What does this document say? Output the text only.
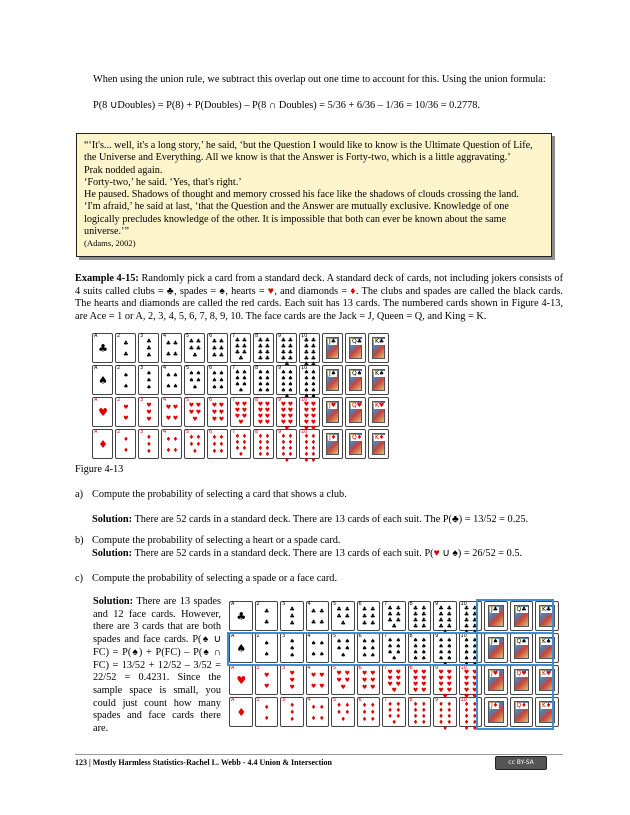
When using the union rule, we subtract this overlap out one time to account for this. Using the union formula:
P(8 ∪Doubles) = P(8) + P(Doubles) – P(8 ∩ Doubles) = 5/36 + 6/36 – 1/36 = 10/36 = 0.2778.
“‘It's... well, it's a long story,’ he said, ‘but the Question I would like to know is the Ultimate Question of Life,
the Universe and Everything. All we know is that the Answer is Forty-two, which is a little aggravating.’
Prak nodded again.
‘Forty-two,’ he said. ‘Yes, that's right.’
He paused. Shadows of thought and memory crossed his face like the shadows of clouds crossing the land.
‘I'm afraid,’ he said at last, ‘that the Question and the Answer are mutually exclusive. Knowledge of one
logically precludes knowledge of the other. It is impossible that both can ever be known about the same
universe.’”
(Adams, 2002)
Example 4-15: Randomly pick a card from a standard deck. A standard deck of cards, not including jokers consists of 4 suits called clubs = ♣, spades = ♠, hearts = ♥, and diamonds = ♦. The clubs and spades are called the black cards. The hearts and diamonds are called the red cards. Each suit has 13 cards. The numbered cards shown in Figure 4-13, are Ace = 1 or A, 2, 3, 4, 5, 6, 7, 8, 9, 10. The face cards are the Jack = J, Queen = Q, and King = K.
A
♣
2
♣
♣
3
♣
♣
♣
4
♣ ♣
♣ ♣
5
♣ ♣
♣ ♣
♣
6
♣ ♣
♣ ♣
♣ ♣
7
♣ ♣
♣ ♣
♣ ♣
♣
8
♣ ♣
♣ ♣
♣ ♣
♣ ♣
9
♣ ♣
♣ ♣
♣ ♣
♣ ♣
10
♣ ♣
♣ ♣
♣ ♣
♣ ♣
J♣	Q♣ K♣
A
♠
2
♠
♠
3
♠
♠
♠
4
♠ ♠
♠ ♠
5
♠ ♠
♠ ♠
♠
6
♠ ♠
♠ ♠
♠ ♠
7
♠ ♠
♠ ♠
♠ ♠
♠
8
♠ ♠
♠ ♠
♠ ♠
♠ ♠
9
♠ ♠
♠ ♠
♠ ♠
♠ ♠
10
♠ ♠
♠ ♠
♠ ♠
♠ ♠
J♠	Q♠ K♠
A
♥
2
♥
♥
3
♥
♥
♥
4
♥ ♥
♥ ♥
5
♥ ♥
♥ ♥
♥
6
♥ ♥
♥ ♥
♥ ♥
7
♥ ♥
♥ ♥
♥ ♥
♥
8
♥ ♥
♥ ♥
♥ ♥
♥ ♥
9
♥ ♥
♥ ♥
♥ ♥
♥ ♥
10
♥ ♥
♥ ♥
♥ ♥
♥ ♥
J♥	Q♥ K♥
A
♦
2
♦
♦
3
♦
♦
♦
4
♦ ♦
♦ ♦
5
♦ ♦
♦ ♦
♦
6
♦ ♦
♦ ♦
♦ ♦
7
♦ ♦
♦ ♦
♦ ♦
♦
8
♦ ♦
♦ ♦
♦ ♦
♦ ♦
9
♦ ♦
♦ ♦
♦ ♦
♦ ♦
♦
10
♦ ♦
♦ ♦
♦ ♦
♦ ♦
♦ ♦
J♦	Q♦ K♦
Figure 4-13
a) Compute the probability of selecting a card that shows a club.
Solution: There are 52 cards in a standard deck. There are 13 cards of each suit. The P(♣) = 13/52 = 0.25.
b) Compute the probability of selecting a heart or a spade card.
Solution: There are 52 cards in a standard deck. There are 13 cards of each suit. P(♥ ∪ ♠) = 26/52 = 0.5.
c) Compute the probability of selecting a spade or a face card.
Solution: There are 13 spades and 12 face cards. However, there are 3 cards that are both spades and face cards. P(♠ ∪ FC) = P(♠) + P(FC) – P(♠ ∩ FC) = 13/52 + 12/52 – 3/52 = 22/52 = 0.4231. Since the sample space is small, you could just count how many spades and face cards there are.
A
♣
2
♣
♣
3
♣
♣
♣
4
♣ ♣
♣ ♣
5
♣ ♣
♣ ♣
♣
6
♣ ♣
♣ ♣
♣ ♣
7
♣ ♣
♣ ♣
♣ ♣
♣
8
♣ ♣
♣ ♣
♣ ♣
♣ ♣
9
♣ ♣
♣ ♣
♣ ♣
♣ ♣
10
♣ ♣
♣ ♣
♣ ♣
♣ ♣
J♣	Q♣	K♣
A
♠
2
♠
♠
3
♠
♠
♠
4
♠ ♠
♠ ♠
5
♠ ♠
♠ ♠
♠
6
♠ ♠
♠ ♠
♠ ♠
7
♠ ♠
♠ ♠
♠ ♠
♠
8
♠ ♠
♠ ♠
♠ ♠
♠ ♠
9
♠ ♠
♠ ♠
♠ ♠
♠ ♠
10
♠ ♠
♠ ♠
♠ ♠
♠ ♠
J♠	Q♠	K♠
A
♥
2
♥
♥
3
♥
♥
♥
4
♥ ♥
♥ ♥
5
♥ ♥
♥ ♥
♥
6
♥ ♥
♥ ♥
♥ ♥
7
♥ ♥
♥ ♥
♥ ♥
♥
8
♥ ♥
♥ ♥
♥ ♥
♥ ♥
9
♥ ♥
♥ ♥
♥ ♥
♥ ♥
10
♥ ♥
♥ ♥
♥ ♥
♥ ♥
J♥	Q♥	K♥
A
♦
2
♦
♦
3
♦
♦
♦
4
♦ ♦
♦ ♦
5
♦ ♦
♦ ♦
♦
6
♦ ♦
♦ ♦
♦ ♦
7
♦ ♦
♦ ♦
♦ ♦
♦
8
♦ ♦
♦ ♦
♦ ♦
♦ ♦
9
♦ ♦
♦ ♦
♦ ♦
♦ ♦
♦
10
♦ ♦
♦ ♦
♦ ♦
♦ ♦
♦ ♦
J♦	Q♦	K♦
123 | Mostly Harmless Statistics-Rachel L. Webb - 4.4 Union & Intersection	cc BY-SA
